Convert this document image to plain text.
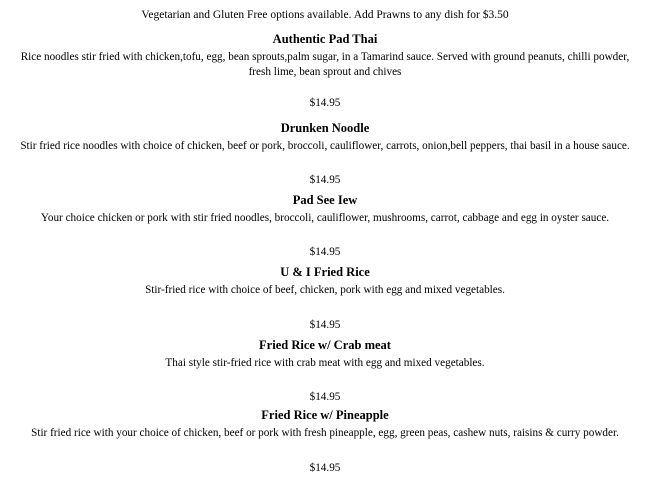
Vegetarian and Gluten Free options available. Add Prawns to any dish for $3.50
Authentic Pad Thai
Rice noodles stir fried with chicken,tofu, egg, bean sprouts,palm sugar, in a Tamarind sauce. Served with ground peanuts, chilli powder, fresh lime, bean sprout and chives
$14.95
Drunken Noodle
Stir fried rice noodles with choice of chicken, beef or pork, broccoli, cauliflower, carrots, onion,bell peppers, thai basil in a house sauce.
$14.95
Pad See Iew
Your choice chicken or pork with stir fried noodles, broccoli, cauliflower, mushrooms, carrot, cabbage and egg in oyster sauce.
$14.95
U & I Fried Rice
Stir-fried rice with choice of beef, chicken, pork with egg and mixed vegetables.
$14.95
Fried Rice w/ Crab meat
Thai style stir-fried rice with crab meat with egg and mixed vegetables.
$14.95
Fried Rice w/ Pineapple
Stir fried rice with your choice of chicken, beef or pork with fresh pineapple, egg, green peas, cashew nuts, raisins & curry powder.
$14.95
